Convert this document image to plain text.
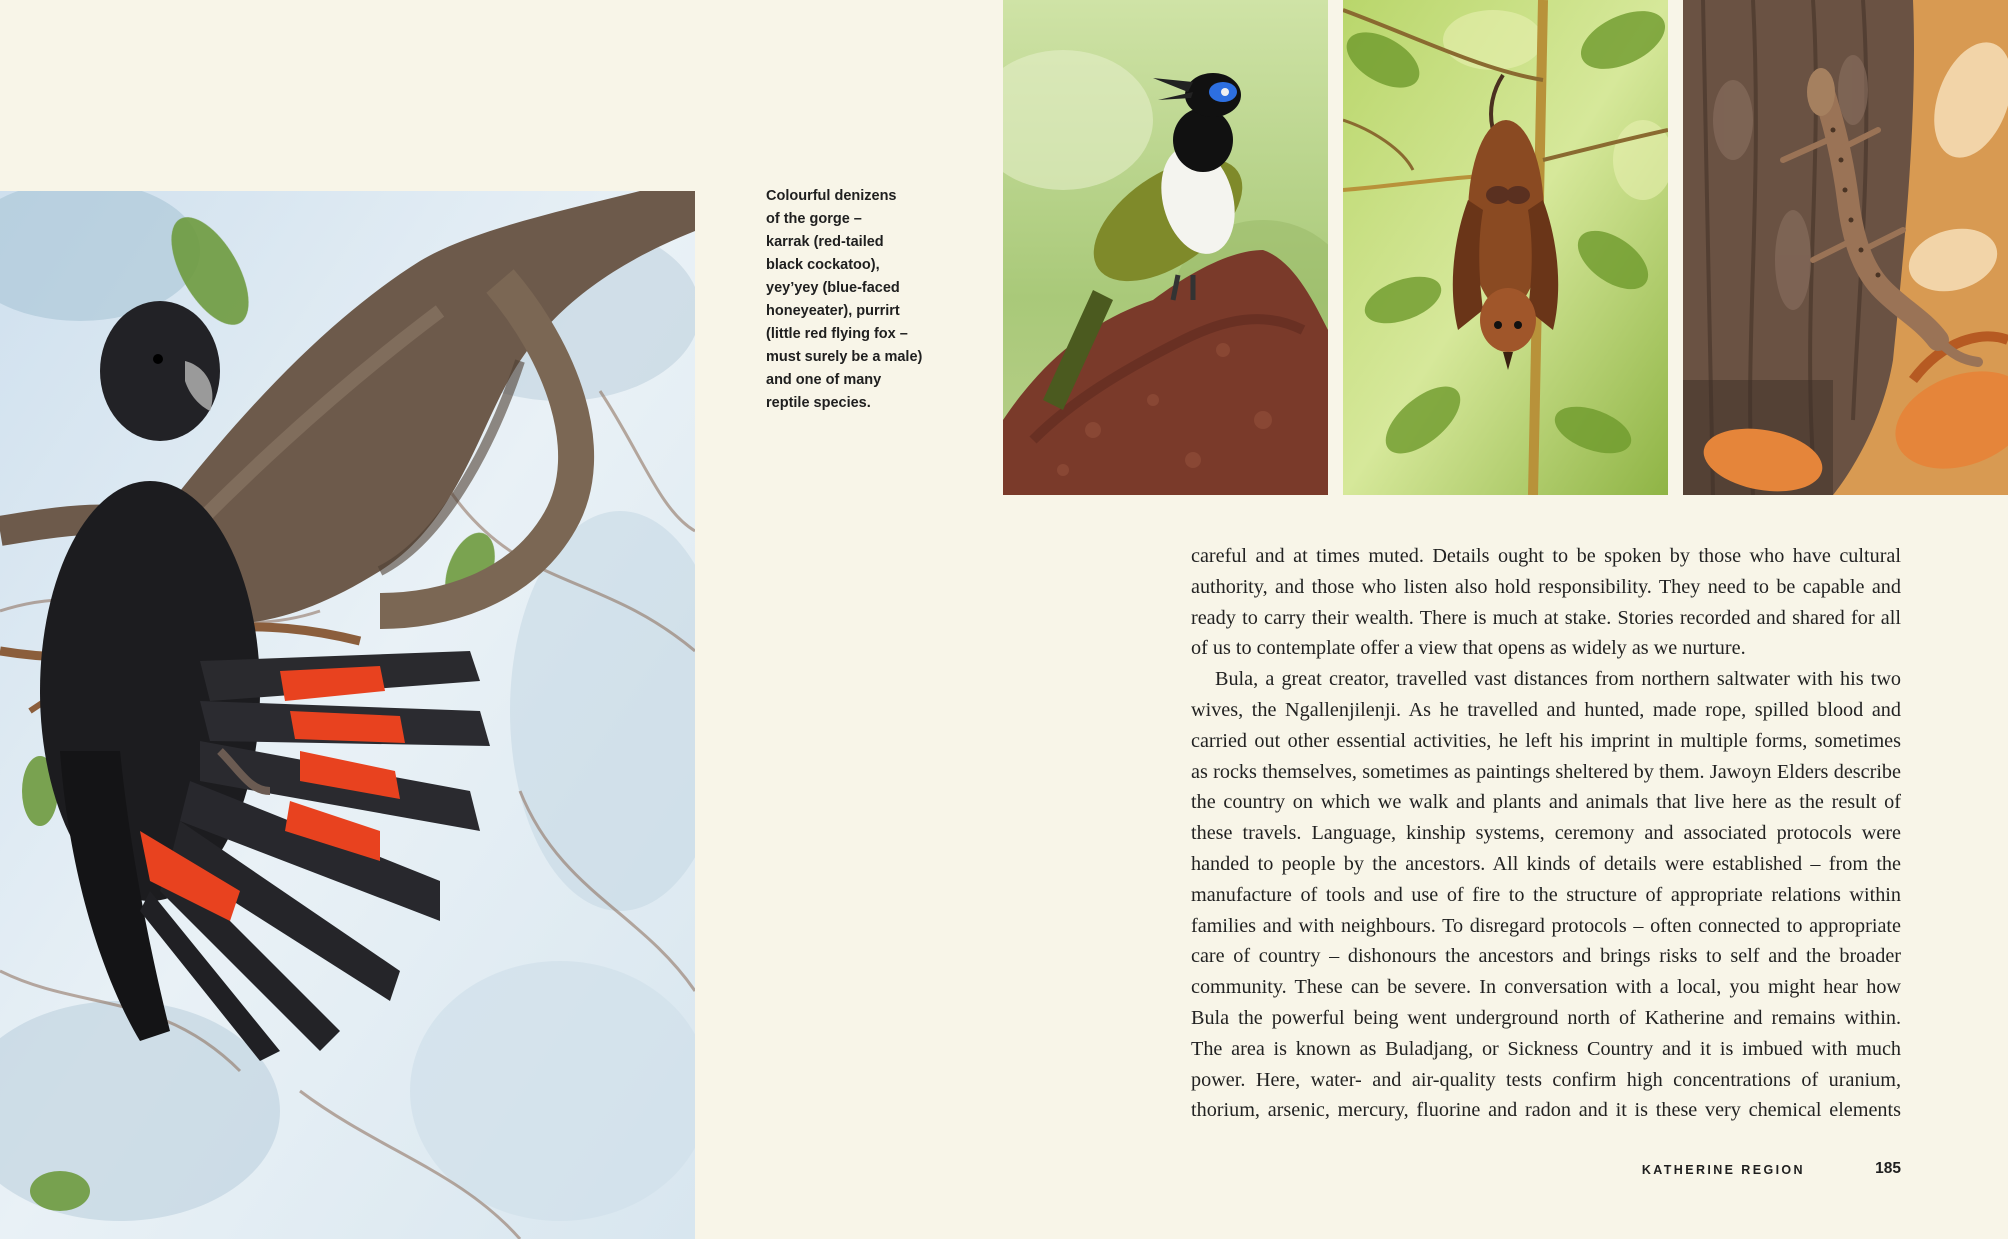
Colourful denizens
of the gorge –
karrak (red-tailed
black cockatoo),
yey’yey (blue-faced
honeyeater), purrirt
(little red flying fox –
must surely be a male)
and one of many
reptile species.
careful and at times muted. Details ought to be spoken by those who have cultural
authority, and those who listen also hold responsibility. They need to be capable and
ready to carry their wealth. There is much at stake. Stories recorded and shared for all
of us to contemplate offer a view that opens as widely as we nurture.
Bula, a great creator, travelled vast distances from northern saltwater with his two
wives, the Ngallenjilenji. As he travelled and hunted, made rope, spilled blood and
carried out other essential activities, he left his imprint in multiple forms, sometimes
as rocks themselves, sometimes as paintings sheltered by them. Jawoyn Elders describe
the country on which we walk and plants and animals that live here as the result of
these travels. Language, kinship systems, ceremony and associated protocols were
handed to people by the ancestors. All kinds of details were established – from the
manufacture of tools and use of fire to the structure of appropriate relations within
families and with neighbours. To disregard protocols – often connected to appropriate
care of country – dishonours the ancestors and brings risks to self and the broader
community. These can be severe. In conversation with a local, you might hear how
Bula the powerful being went underground north of Katherine and remains within.
The area is known as Buladjang, or Sickness Country and it is imbued with much
power. Here, water- and air-quality tests confirm high concentrations of uranium,
thorium, arsenic, mercury, fluorine and radon and it is these very chemical elements
KATHERINE REGION	185
